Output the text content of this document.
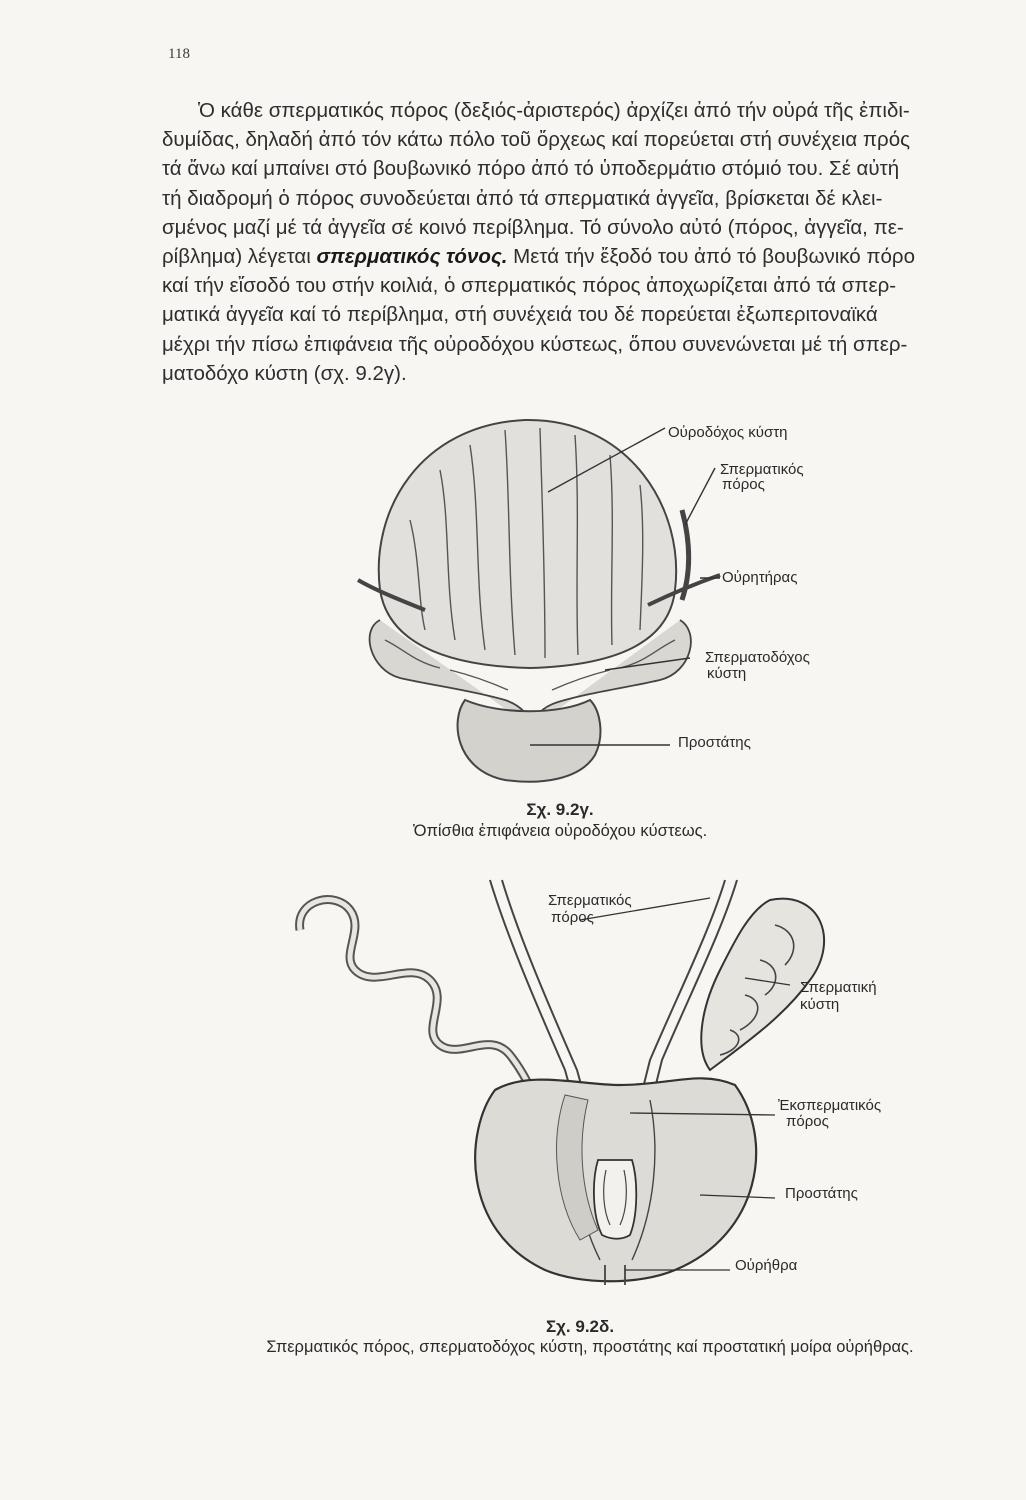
118
Ὁ κάθε σπερματικός πόρος (δεξιός-ἀριστερός) ἀρχίζει ἀπό τήν οὐρά τῆς ἐπιδι-
δυμίδας, δηλαδή ἀπό τόν κάτω πόλο τοῦ ὄρχεως καί πορεύεται στή συνέχεια πρός
τά ἄνω καί μπαίνει στό βουβωνικό πόρο ἀπό τό ὑποδερμάτιο στόμιό του. Σέ αὐτή
τή διαδρομή ὁ πόρος συνοδεύεται ἀπό τά σπερματικά ἀγγεῖα, βρίσκεται δέ κλει-
σμένος μαζί μέ τά ἀγγεῖα σέ κοινό περίβλημα. Τό σύνολο αὐτό (πόρος, ἀγγεῖα, πε-
ρίβλημα) λέγεται σπερματικός τόνος. Μετά τήν ἔξοδό του ἀπό τό βουβωνικό πόρο
καί τήν εἴσοδό του στήν κοιλιά, ὁ σπερματικός πόρος ἀποχωρίζεται ἀπό τά σπερ-
ματικά ἀγγεῖα καί τό περίβλημα, στή συνέχειά του δέ πορεύεται ἐξωπεριτοναϊκά
μέχρι τήν πίσω ἐπιφάνεια τῆς οὐροδόχου κύστεως, ὅπου συνενώνεται μέ τή σπερ-
ματοδόχο κύστη (σχ. 9.2γ).
Οὐροδόχος κύστη
Σπερματικός
πόρος
Οὐρητήρας
Σπερματοδόχος
κύστη
Προστάτης
Σχ. 9.2γ.
Ὀπίσθια ἐπιφάνεια οὐροδόχου κύστεως.
Σπερματικός
πόρος
Σπερματική
κύστη
Ἐκσπερματικός
πόρος
Προστάτης
Οὐρήθρα
Σχ. 9.2δ.
Σπερματικός πόρος, σπερματοδόχος κύστη, προστάτης καί προστατική μοίρα οὐρήθρας.
